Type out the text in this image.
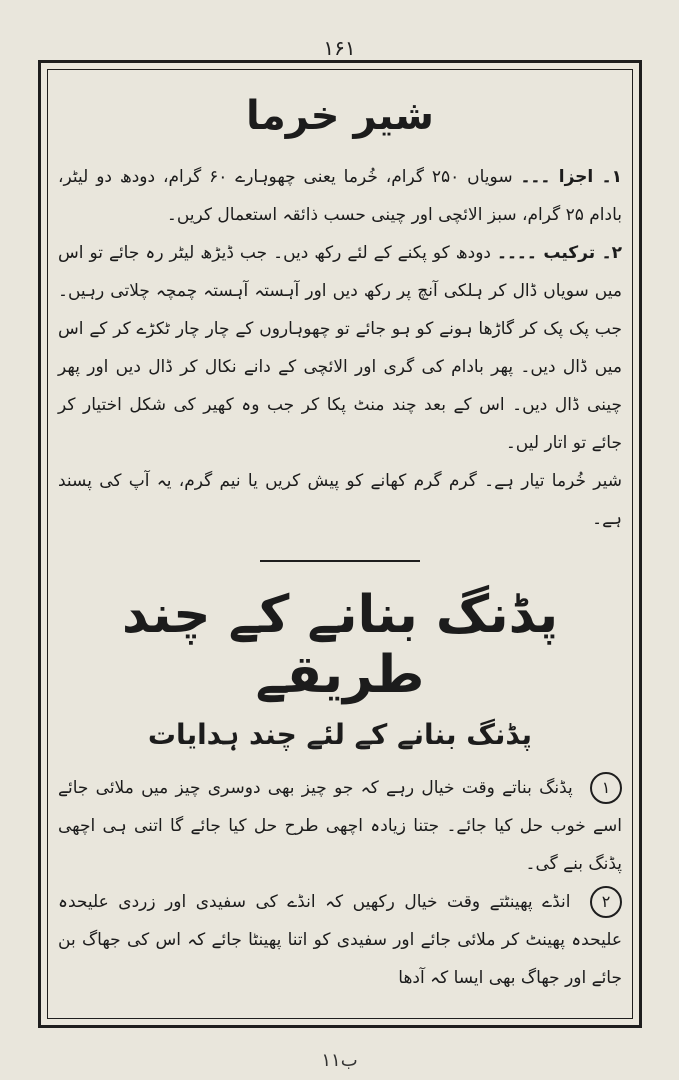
۱۶۱
شیر خرما

۱۔ اجزا ۔۔۔ سویاں ۲۵۰ گرام، خُرما یعنی چھوہارے ۶۰ گرام، دودھ دو لیٹر، بادام ۲۵ گرام، سبز الائچی اور چینی حسب ذائقہ استعمال کریں۔

۲۔ ترکیب ۔۔۔۔ دودھ کو پکنے کے لئے رکھ دیں۔ جب ڈیڑھ لیٹر رہ جائے تو اس میں سویاں ڈال کر ہلکی آنچ پر رکھ دیں اور آہستہ آہستہ چمچہ چلاتی رہیں۔ جب پک پک کر گاڑھا ہونے کو ہو جائے تو چھوہاروں کے چار چار ٹکڑے کر کے اس میں ڈال دیں۔ پھر بادام کی گری اور الائچی کے دانے نکال کر ڈال دیں اور پھر چینی ڈال دیں۔ اس کے بعد چند منٹ پکا کر جب وہ کھیر کی شکل اختیار کر جائے تو اتار لیں۔

شیر خُرما تیار ہے۔ گرم گرم کھانے کو پیش کریں یا نیم گرم، یہ آپ کی پسند ہے۔

پڈنگ بنانے کے چند طریقے
پڈنگ بنانے کے لئے چند ہدایات

۱ پڈنگ بناتے وقت خیال رہے کہ جو چیز بھی دوسری چیز میں ملائی جائے اسے خوب حل کیا جائے۔ جتنا زیادہ اچھی طرح حل کیا جائے گا اتنی ہی اچھی پڈنگ بنے گی۔

۲ انڈے پھینٹتے وقت خیال رکھیں کہ انڈے کی سفیدی اور زردی علیحدہ علیحدہ پھینٹ کر ملائی جائے اور سفیدی کو اتنا پھینٹا جائے کہ اس کی جھاگ بن جائے اور جھاگ بھی ایسا کہ آدھا

۱۱ب
